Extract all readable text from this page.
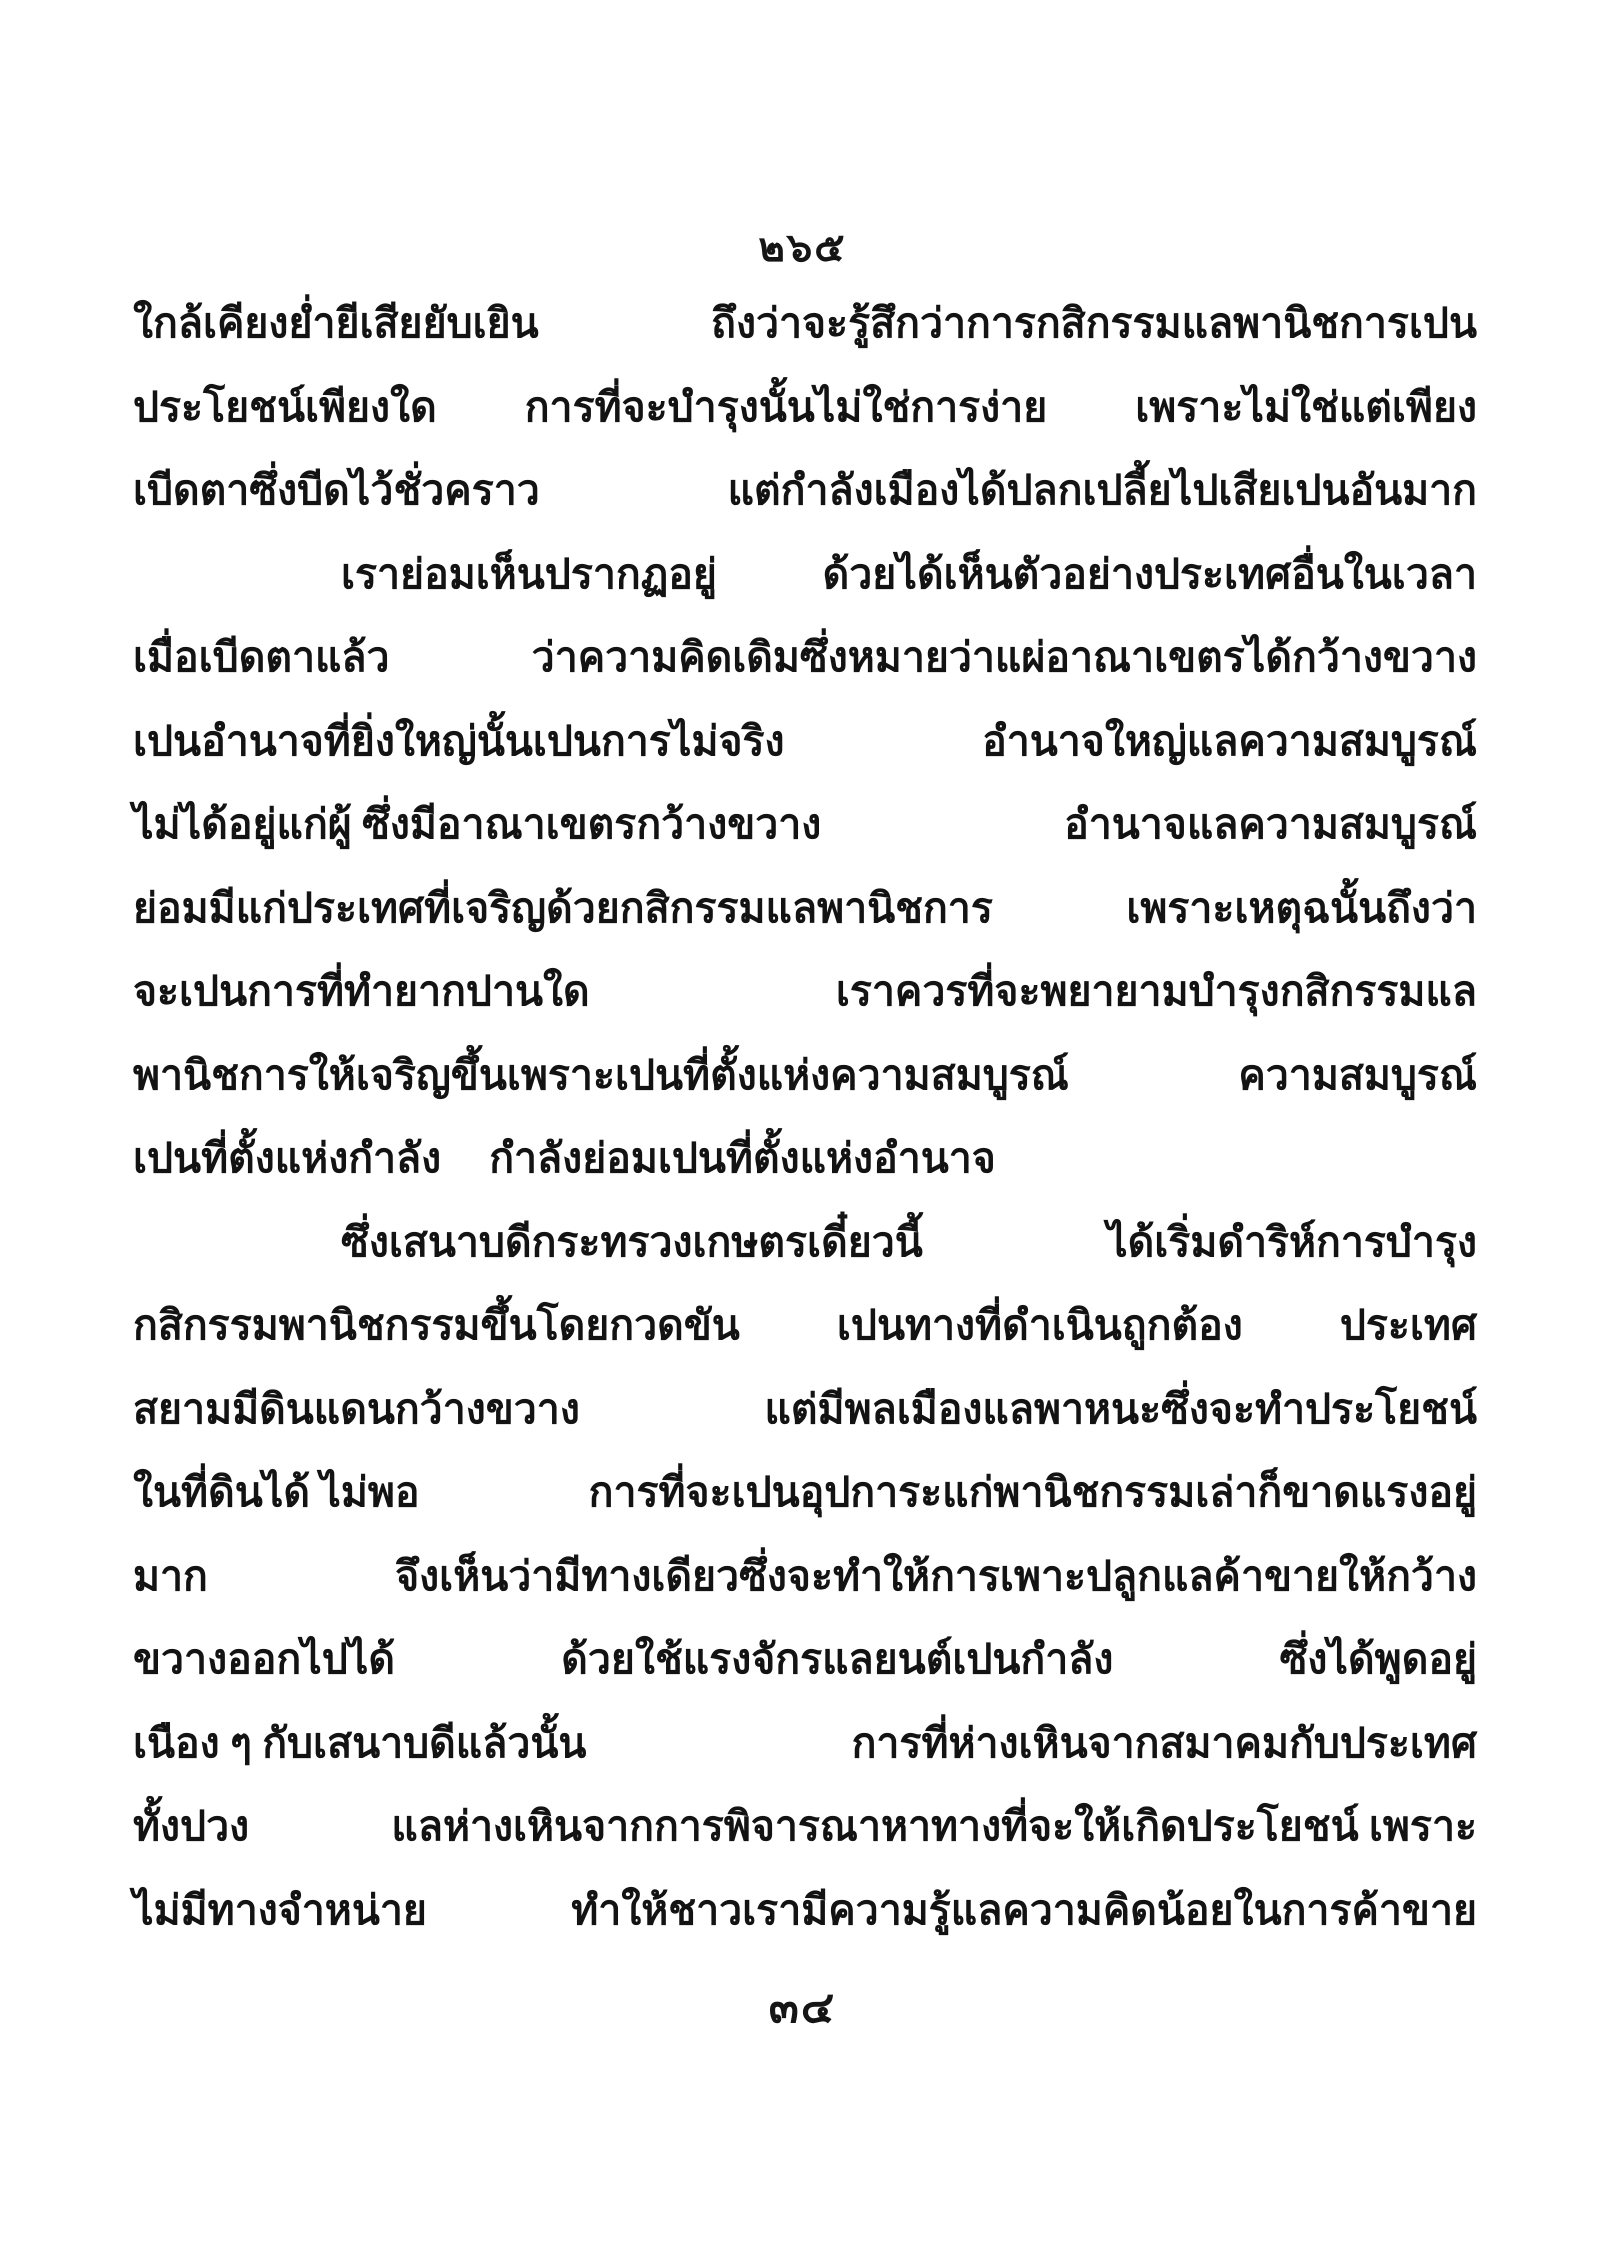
๒๖๕
ใกล้เคียงย่ำยีเสียยับเยิน	ถึงว่าจะรู้สึกว่าการกสิกรรมแลพานิชการเปน
ประโยชน์เพียงใด การที่จะบำรุงนั้นไม่ใช่การง่าย เพราะไม่ใช่แต่เพียง
เบีดตาซึ่งบีดไว้ชั่วคราว	แต่กำลังเมืองได้ปลกเปลี้ยไปเสียเปนอันมาก
เราย่อมเห็นปรากฏอยู่	ด้วยได้เห็นตัวอย่างประเทศอื่นในเวลา
เมื่อเบีดตาแล้ว	ว่าความคิดเดิมซึ่งหมายว่าแผ่อาณาเขตรได้กว้างขวาง
เปนอำนาจที่ยิ่งใหญ่นั้นเปนการไม่จริง	อำนาจใหญ่แลความสมบูรณ์
ไม่ได้อยู่แก่ผู้ ซึ่งมีอาณาเขตรกว้างขวาง	อำนาจแลความสมบูรณ์
ย่อมมีแก่ประเทศที่เจริญด้วยกสิกรรมแลพานิชการ	เพราะเหตุฉนั้นถึงว่า
จะเปนการที่ทำยากปานใด	เราควรที่จะพยายามบำรุงกสิกรรมแล
พานิชการให้เจริญขึ้นเพราะเปนที่ตั้งแห่งความสมบูรณ์	ความสมบูรณ์
เปนที่ตั้งแห่งกำลัง กำลังย่อมเปนที่ตั้งแห่งอำนาจ
ซึ่งเสนาบดีกระทรวงเกษตรเดี๋ยวนี้	ได้เริ่มดำริห์การบำรุง
กสิกรรมพานิชกรรมขึ้นโดยกวดขัน เปนทางที่ดำเนินถูกต้อง ประเทศ
สยามมีดินแดนกว้างขวาง	แต่มีพลเมืองแลพาหนะซึ่งจะทำประโยชน์
ในที่ดินได้ ไม่พอ	การที่จะเปนอุปการะแก่พานิชกรรมเล่าก็ขาดแรงอยู่
มาก	จึงเห็นว่ามีทางเดียวซึ่งจะทำให้การเพาะปลูกแลค้าขายให้กว้าง
ขวางออกไปได้	ด้วยใช้แรงจักรแลยนต์เปนกำลัง	ซึ่งได้พูดอยู่
เนือง ๆ กับเสนาบดีแล้วนั้น	การที่ห่างเหินจากสมาคมกับประเทศ
ทั้งปวง	แลห่างเหินจากการพิจารณาหาทางที่จะให้เกิดประโยชน์ เพราะ
ไม่มีทางจำหน่าย	ทำให้ชาวเรามีความรู้แลความคิดน้อยในการค้าขาย
๓๔
